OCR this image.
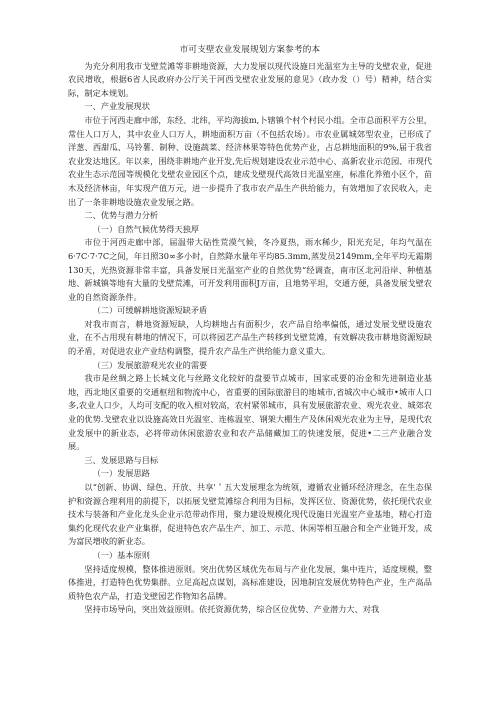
市可支壁农业发展规划方案参考的本

为充分利用我市戈壁荒滩等非耕地资源，大力发展以现代设施日光温室为主导的戈壁农业，促进农民增收，根据6省人民政府办公厅关于河西戈壁农业发展的意见》（政办发（）号）精神，结合实际，制定本规划。

一、产业发展现状

市位于河西走廊中部，东经、北纬，平均海拔m,卜辖镇个村个村民小组。全市总面积平方公里，常住人口万人，其中农业人口万人，耕地面积万亩（不包括农场）。市农业属城郊型农业，已形成了洋葱、西甜瓜、马铃薯、制种、设施蔬菜、经济林果等特色优势产业，占总耕地面积的9%,届于我省农业发达地区。年以来，围绕非耕地产业开发,先后规划建设农业示范中心、高新农业示范园、市现代农业生态示范园等规模化戈壁农业园区个点，建成戈壁现代高效日光温室座，标准化养殖小区个，苗木及经济林亩，年实现产值万元，进一步提升了我市农产品生产供给能力，有效增加了农民收入，走出了一条非耕地设施农业发展之路。

二、优势与潜力分析

（一）自然气候优势得天独厚

市位于河西走廊中部，届温带大砧性荒漠气候，冬冷夏热，雨水稀少，阳光充足，年均气温在6·7C·7·7C之间，年日照30∞多小时，自然降水量年平均85.3mm,蒸发员2149mm,全年平均无霜期130天，光热资源非常丰富，具备发展日光温室产业的自然优势“经调查，南市区北河沿岸、种植基地、新城镇等地有大量的戈壁荒滩，可开发利用面积J万亩，且地势平坦，交通方便，具备发展戈壁农业的自然资源条件。

（二）可缓解耕地资源短缺矛盾

对我市而言，耕地资源短缺，人均耕地占有面积少，农产品自给率偏低，通过发展戈壁设施农业，在不占用现有耕地的情况下，可以将园艺产品生产转移到戈壁荒滩，有效解决我市耕地资源短缺的矛盾，对促进农业产业结构调整，提升农产品生产供给能力意义重大。

（三）发展旅游观光农业的需要

我市是丝绸之路上长城文化与丝路文化较好的盘要节点城市，国家或要的冶金和先进制造业基地，西北地区重要的交通枢纽和物流中心，省重要的国际旅游目的地城市,省城次中心城市•城市人口多,农业人口少，人均可支配的收入相对较高，农村紧邻城市，具有发展旅游农业、观光农业、城郊农业的优势.戈壁农业以设施高效日光温室、连栋温室、钢架大棚生产及休闲观光农业为主导，是现代农业发展中的新业态，必将带动休闲旅游农业和农产品储藏加工的快速发展，促进•二三产业融合发展。

三、发展思路与目标

（一）发展思路

以“创新、协调、绿色、开放、共享'＇五大发展理念为统领，遵循农业循环经济理念，在生态保护和资源合理利用的前提下，以拓展戈壁荒滩综合利用为目标，发挥区位、资源优势，依托现代农业技术与装备和产业化龙头企业示范带动作用，聚力建设规模化现代设施日光温室产业基地，精心打造集约化现代农业产业集群，促进特色农产品生产、加工、示范、休闲等相互融合和全产业链开发，成为富民增收的新业态。

（一）基本原则

坚持适度规模，整体推进原则。突出优势区域优先布局与产业化发展，集中连片，适度规模，整体推进，打造特色优势集群。立足高起点谋划，高标准建设，因地制宜发展优势特色产业，生产高品质特色农产品，打造戈壁园艺作物知名品牌。

坚持市场导向，突出效益原则。依托资源优势，综合区位优势、产业潜力大、对我
